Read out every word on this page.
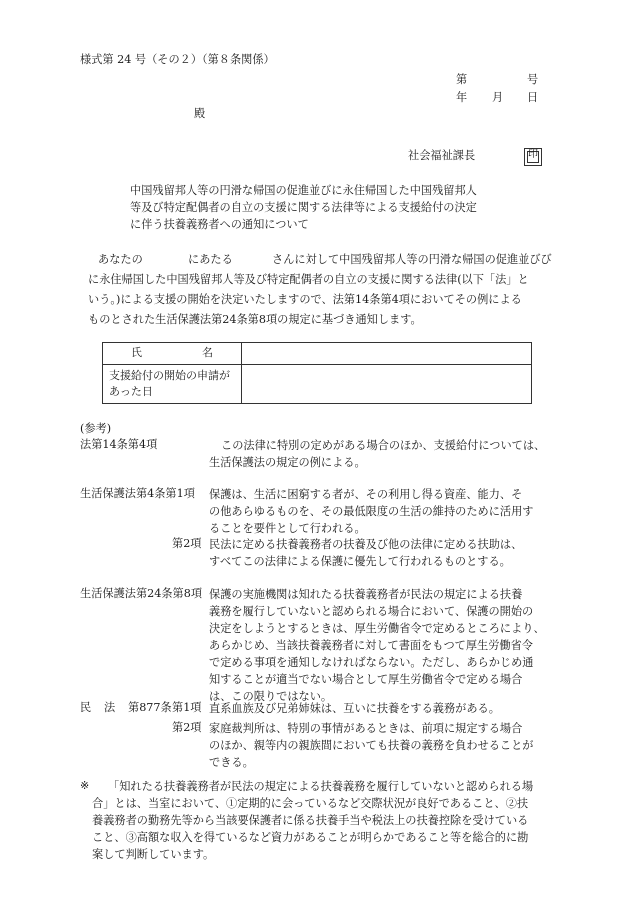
様式第 24 号（その２）（第８条関係）
第	号
年 月 日
殿
社会福祉課長	印
中国残留邦人等の円滑な帰国の促進並びに永住帰国した中国残留邦人
等及び特定配偶者の自立の支援に関する法律等による支援給付の決定
に伴う扶養義務者への通知について
あなたの	にあたる	さんに対して中国残留邦人等の円滑な帰国の促進並びび
に永住帰国した中国残留邦人等及び特定配偶者の自立の支援に関する法律(以下「法」と
いう。)による支援の開始を決定いたしますので、法第14条第4項においてその例による
ものとされた生活保護法第24条第8項の規定に基づき通知します。
氏 名	

支援給付の開始の申請が
あった日	

(参考)
法第14条第4項	この法律に特別の定めがある場合のほか、支援給付については、
生活保護法の規定の例による。
生活保護法第4条第1項 保護は、生活に困窮する者が、その利用し得る資産、能力、そ
の他あらゆるものを、その最低限度の生活の維持のために活用す
ることを要件として行われる。
第2項 民法に定める扶養義務者の扶養及び他の法律に定める扶助は、
すべてこの法律による保護に優先して行われるものとする。
生活保護法第24条第8項 保護の実施機関は知れたる扶養義務者が民法の規定による扶養
義務を履行していないと認められる場合において、保護の開始の
決定をしようとするときは、厚生労働省令で定めるところにより、
あらかじめ、当該扶養義務者に対して書面をもつて厚生労働省令
で定める事項を通知しなければならない。ただし、あらかじめ通
知することが適当でない場合として厚生労働省令で定める場合
は、この限りではない。
民 法 第877条 第1項 直系血族及び兄弟姉妹は、互いに扶養をする義務がある。
第2項 家庭裁判所は、特別の事情があるときは、前項に規定する場合
のほか、親等内の親族間においても扶養の義務を負わせることが
できる。
※	「知れたる扶養義務者が民法の規定による扶養義務を履行していないと認められる場
合」とは、当室において、①定期的に会っているなど交際状況が良好であること、②扶
養義務者の勤務先等から当該要保護者に係る扶養手当や税法上の扶養控除を受けている
こと、③高額な収入を得ているなど資力があることが明らかであること等を総合的に勘
案して判断しています。
